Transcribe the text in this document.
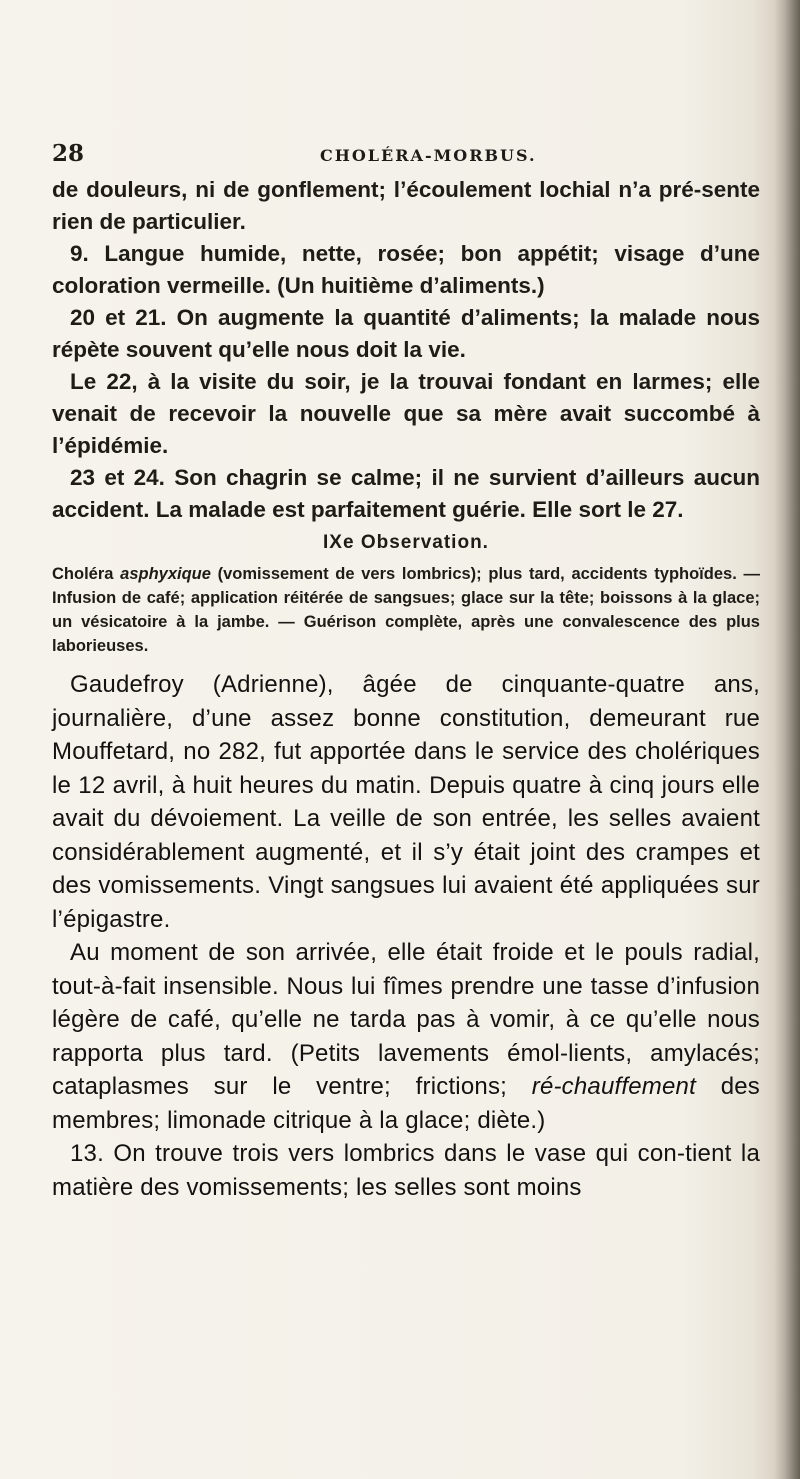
28	CHOLÉRA-MORBUS.

de douleurs, ni de gonflement; l’écoulement lochial n’a pré-sente rien de particulier.

9. Langue humide, nette, rosée; bon appétit; visage d’une coloration vermeille. (Un huitième d’aliments.)

20 et 21. On augmente la quantité d’aliments; la malade nous répète souvent qu’elle nous doit la vie.

Le 22, à la visite du soir, je la trouvai fondant en larmes; elle venait de recevoir la nouvelle que sa mère avait succombé à l’épidémie.

23 et 24. Son chagrin se calme; il ne survient d’ailleurs aucun accident. La malade est parfaitement guérie. Elle sort le 27.

IXe Observation.

Choléra asphyxique (vomissement de vers lombrics); plus tard, accidents typhoïdes. — Infusion de café; application réitérée de sangsues; glace sur la tête; boissons à la glace; un vésicatoire à la jambe. — Guérison complète, après une convalescence des plus laborieuses.

Gaudefroy (Adrienne), âgée de cinquante-quatre ans, journalière, d’une assez bonne constitution, demeurant rue Mouffetard, no 282, fut apportée dans le service des cholériques le 12 avril, à huit heures du matin. Depuis quatre à cinq jours elle avait du dévoiement. La veille de son entrée, les selles avaient considérablement augmenté, et il s’y était joint des crampes et des vomissements. Vingt sangsues lui avaient été appliquées sur l’épigastre.

Au moment de son arrivée, elle était froide et le pouls radial, tout-à-fait insensible. Nous lui fîmes prendre une tasse d’infusion légère de café, qu’elle ne tarda pas à vomir, à ce qu’elle nous rapporta plus tard. (Petits lavements émol-lients, amylacés; cataplasmes sur le ventre; frictions; ré-chauffement des membres; limonade citrique à la glace; diète.)

13. On trouve trois vers lombrics dans le vase qui con-tient la matière des vomissements; les selles sont moins
